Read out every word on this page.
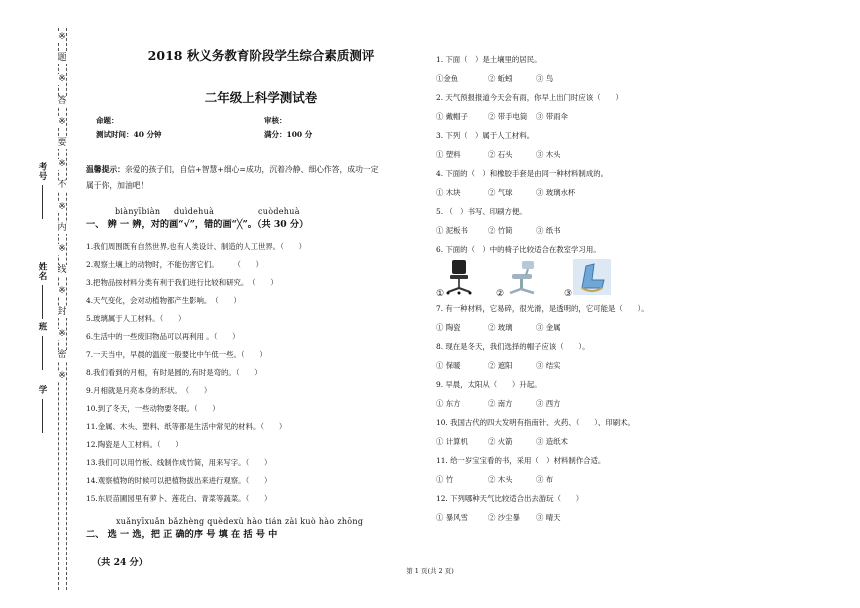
※
题
※
答
※
要
※
不
※
内
※
线
※
封
※
密
※
考号
姓名
班
学
2018 秋义务教育阶段学生综合素质测评
二年级上科学测试卷
命题：	审核：
测试时间：40 分钟	满分：100 分
温馨提示：亲爱的孩子们，自信+智慧+细心=成功，沉着冷静、细心作答，成功一定
属于你，加油吧！
biànyībiàn duìdehuà	cuòdehuà
一、 辨 一 辨，对的画“√”，错的画“╳”。（共 30 分）
1.我们周围既有自然世界,也有人类设计、制造的人工世界。（　　）
2.观察土壤上的动物时，不能伤害它们。　　　（　　）
3.把物品按材料分类有利于我们进行比较和研究。　（　　）
4.天气变化，会对动植物都产生影响。　（　　）
5.玻璃属于人工材料。（　　）
6.生活中的一些废旧物品可以再利用 。（　　）
7.一天当中，早晨的温度一般要比中午低一些。（　　）
8.我们看到的月相，有时是圆的,有时是弯的。（　　）
9.月相就是月亮本身的形状。　（　　）
10.到了冬天，一些动物要冬眠。（　　）
11.金属、木头、塑料、纸等都是生活中常见的材料。（　　）
12.陶瓷是人工材料。（　　）
13.我们可以用竹板、线制作成竹简，用来写字。（　　）
14.观察植物的时候可以把植物拔出来进行观察。（　　）
15.东辰苗圃园里有萝卜、莲花白、青菜等蔬菜。（　　）
xuǎnyīxuǎn bǎzhèng quèdexù hào tián zài kuò hào zhōng
二、 选 一 选，把 正 确的序 号 填 在 括 号 中
（共 24 分）
1. 下面（　）是土壤里的居民。
①金鱼	② 蚯蚓	③ 鸟
2. 天气预报报道今天会有雨，你早上出门时应该（　　）
① 戴帽子	② 带手电筒	③ 带雨伞
3. 下列（　）属于人工材料。
① 塑料	② 石头	③ 木头
4. 下面的（　）和橡胶手套是由同一种材料制成的。
① 木块	② 气球	③ 玻璃水杯
5. （　）书写、印刷方便。
① 泥板书	② 竹简	③ 纸书
6. 下面的（　）中的椅子比较适合在教室学习用。
①	②	③
7. 有一种材料，它易碎，很光滑，是透明的，它可能是（　　）。
① 陶瓷	② 玻璃	③ 金属
8. 现在是冬天，我们选择的帽子应该（　　）。
① 保暖	② 遮阳	③ 结实
9. 早晨，太阳从（　　）升起。
① 东方	② 南方	③ 西方
10. 我国古代的四大发明有指南针、火药、（　　）、印刷术。
① 计算机	② 火箭	③ 造纸术
11. 给一岁宝宝看的书，采用（　）材料制作合适。
① 竹	② 木头	③ 布
12. 下列哪种天气比较适合出去游玩（　　）
① 暴风雪	② 沙尘暴	③ 晴天
第 1 页(共 2 页)
